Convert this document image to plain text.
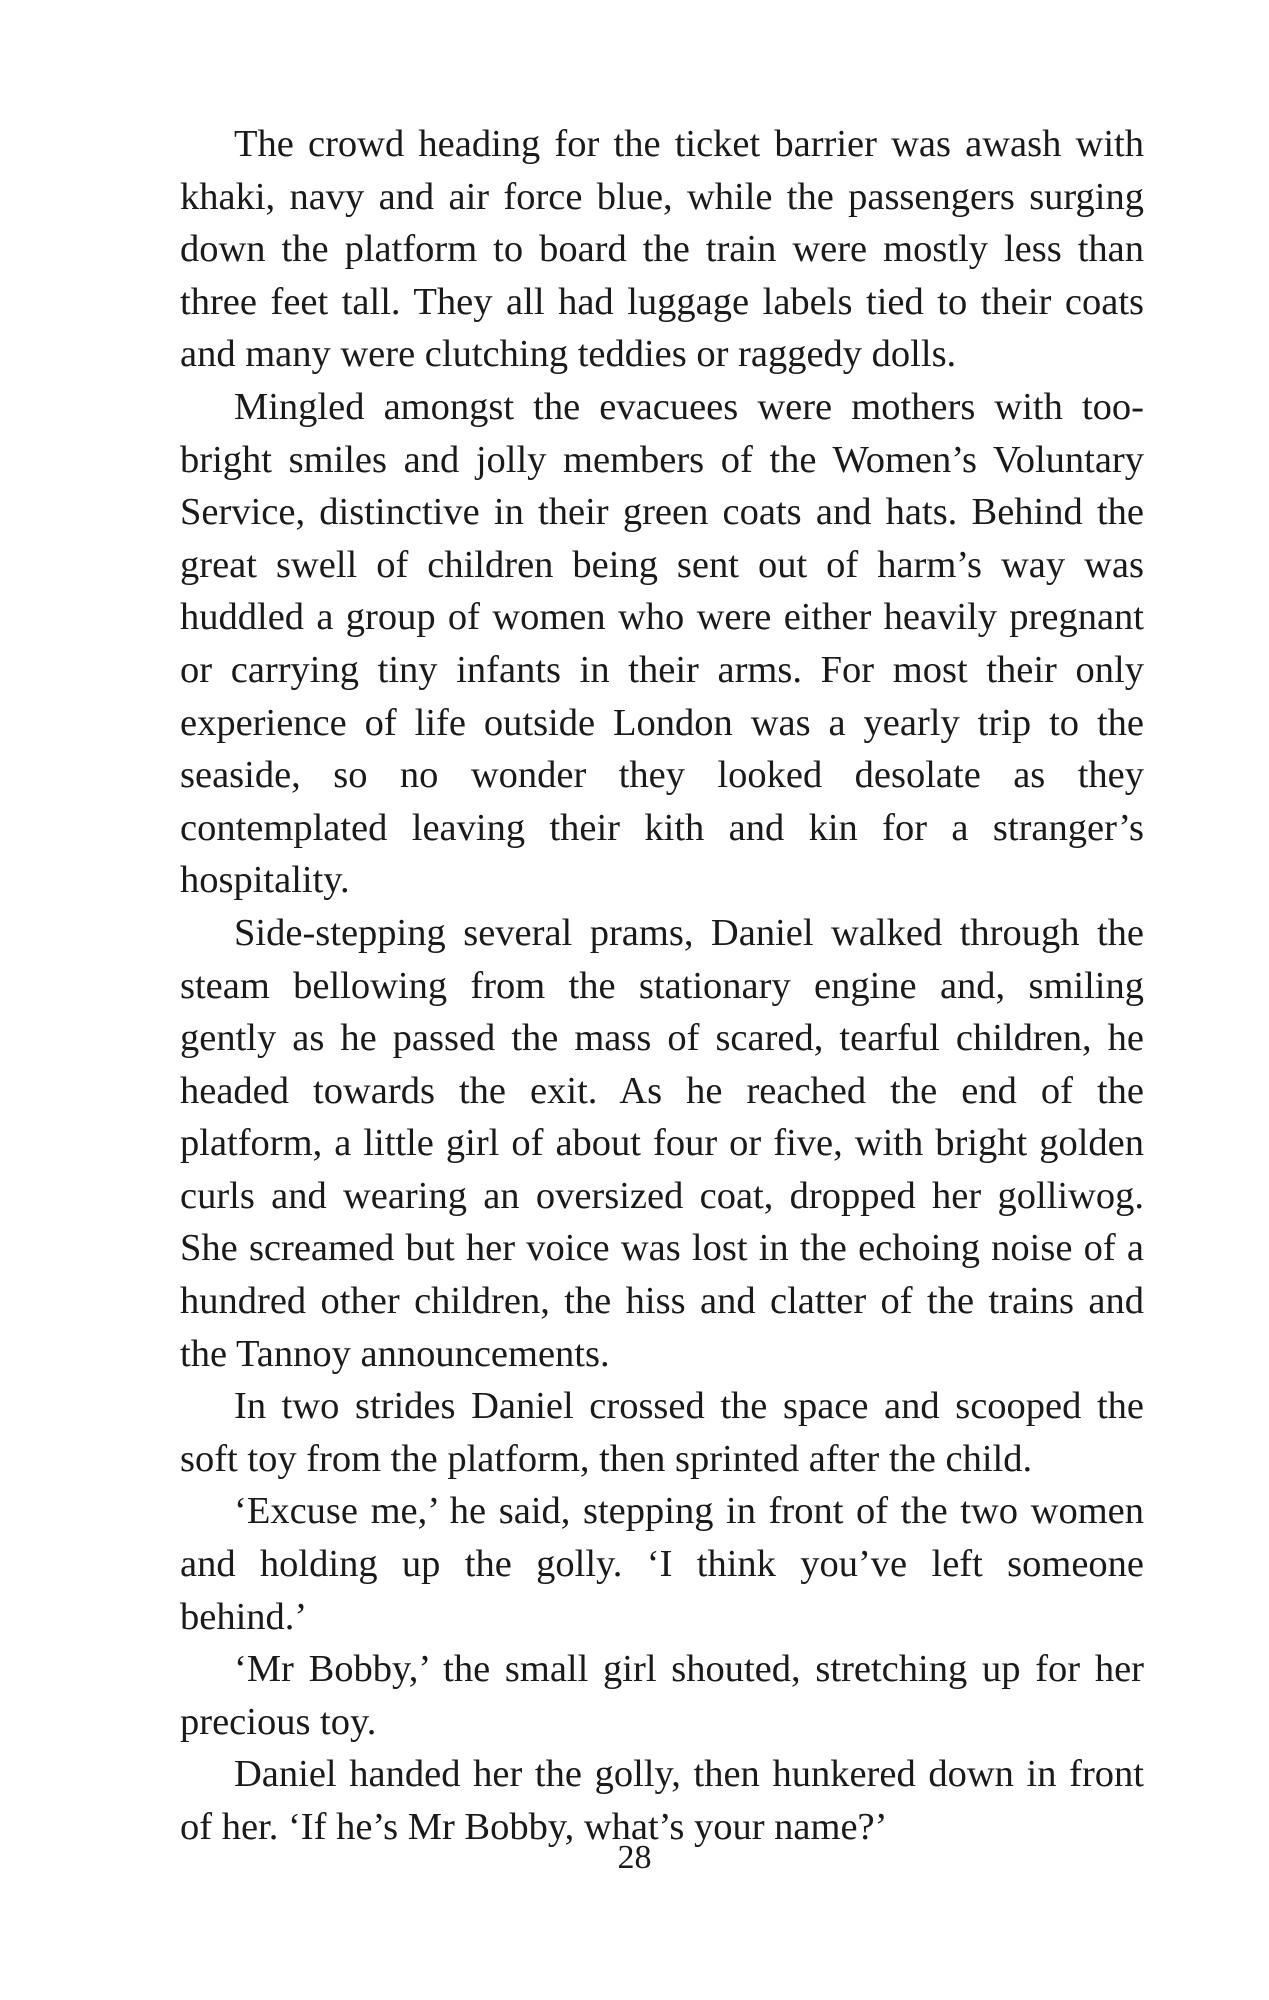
The crowd heading for the ticket barrier was awash with khaki, navy and air force blue, while the passengers surging down the platform to board the train were mostly less than three feet tall. They all had luggage labels tied to their coats and many were clutching teddies or raggedy dolls.

Mingled amongst the evacuees were mothers with too-bright smiles and jolly members of the Women’s Voluntary Service, distinctive in their green coats and hats. Behind the great swell of children being sent out of harm’s way was huddled a group of women who were either heavily pregnant or carrying tiny infants in their arms. For most their only experience of life outside London was a yearly trip to the seaside, so no wonder they looked desolate as they contemplated leaving their kith and kin for a stranger’s hospitality.

Side-stepping several prams, Daniel walked through the steam bellowing from the stationary engine and, smiling gently as he passed the mass of scared, tearful children, he headed towards the exit. As he reached the end of the platform, a little girl of about four or five, with bright golden curls and wearing an oversized coat, dropped her golliwog. She screamed but her voice was lost in the echoing noise of a hundred other children, the hiss and clatter of the trains and the Tannoy announcements.

In two strides Daniel crossed the space and scooped the soft toy from the platform, then sprinted after the child.

‘Excuse me,’ he said, stepping in front of the two women and holding up the golly. ‘I think you’ve left someone behind.’

‘Mr Bobby,’ the small girl shouted, stretching up for her precious toy.

Daniel handed her the golly, then hunkered down in front of her. ‘If he’s Mr Bobby, what’s your name?’

28
